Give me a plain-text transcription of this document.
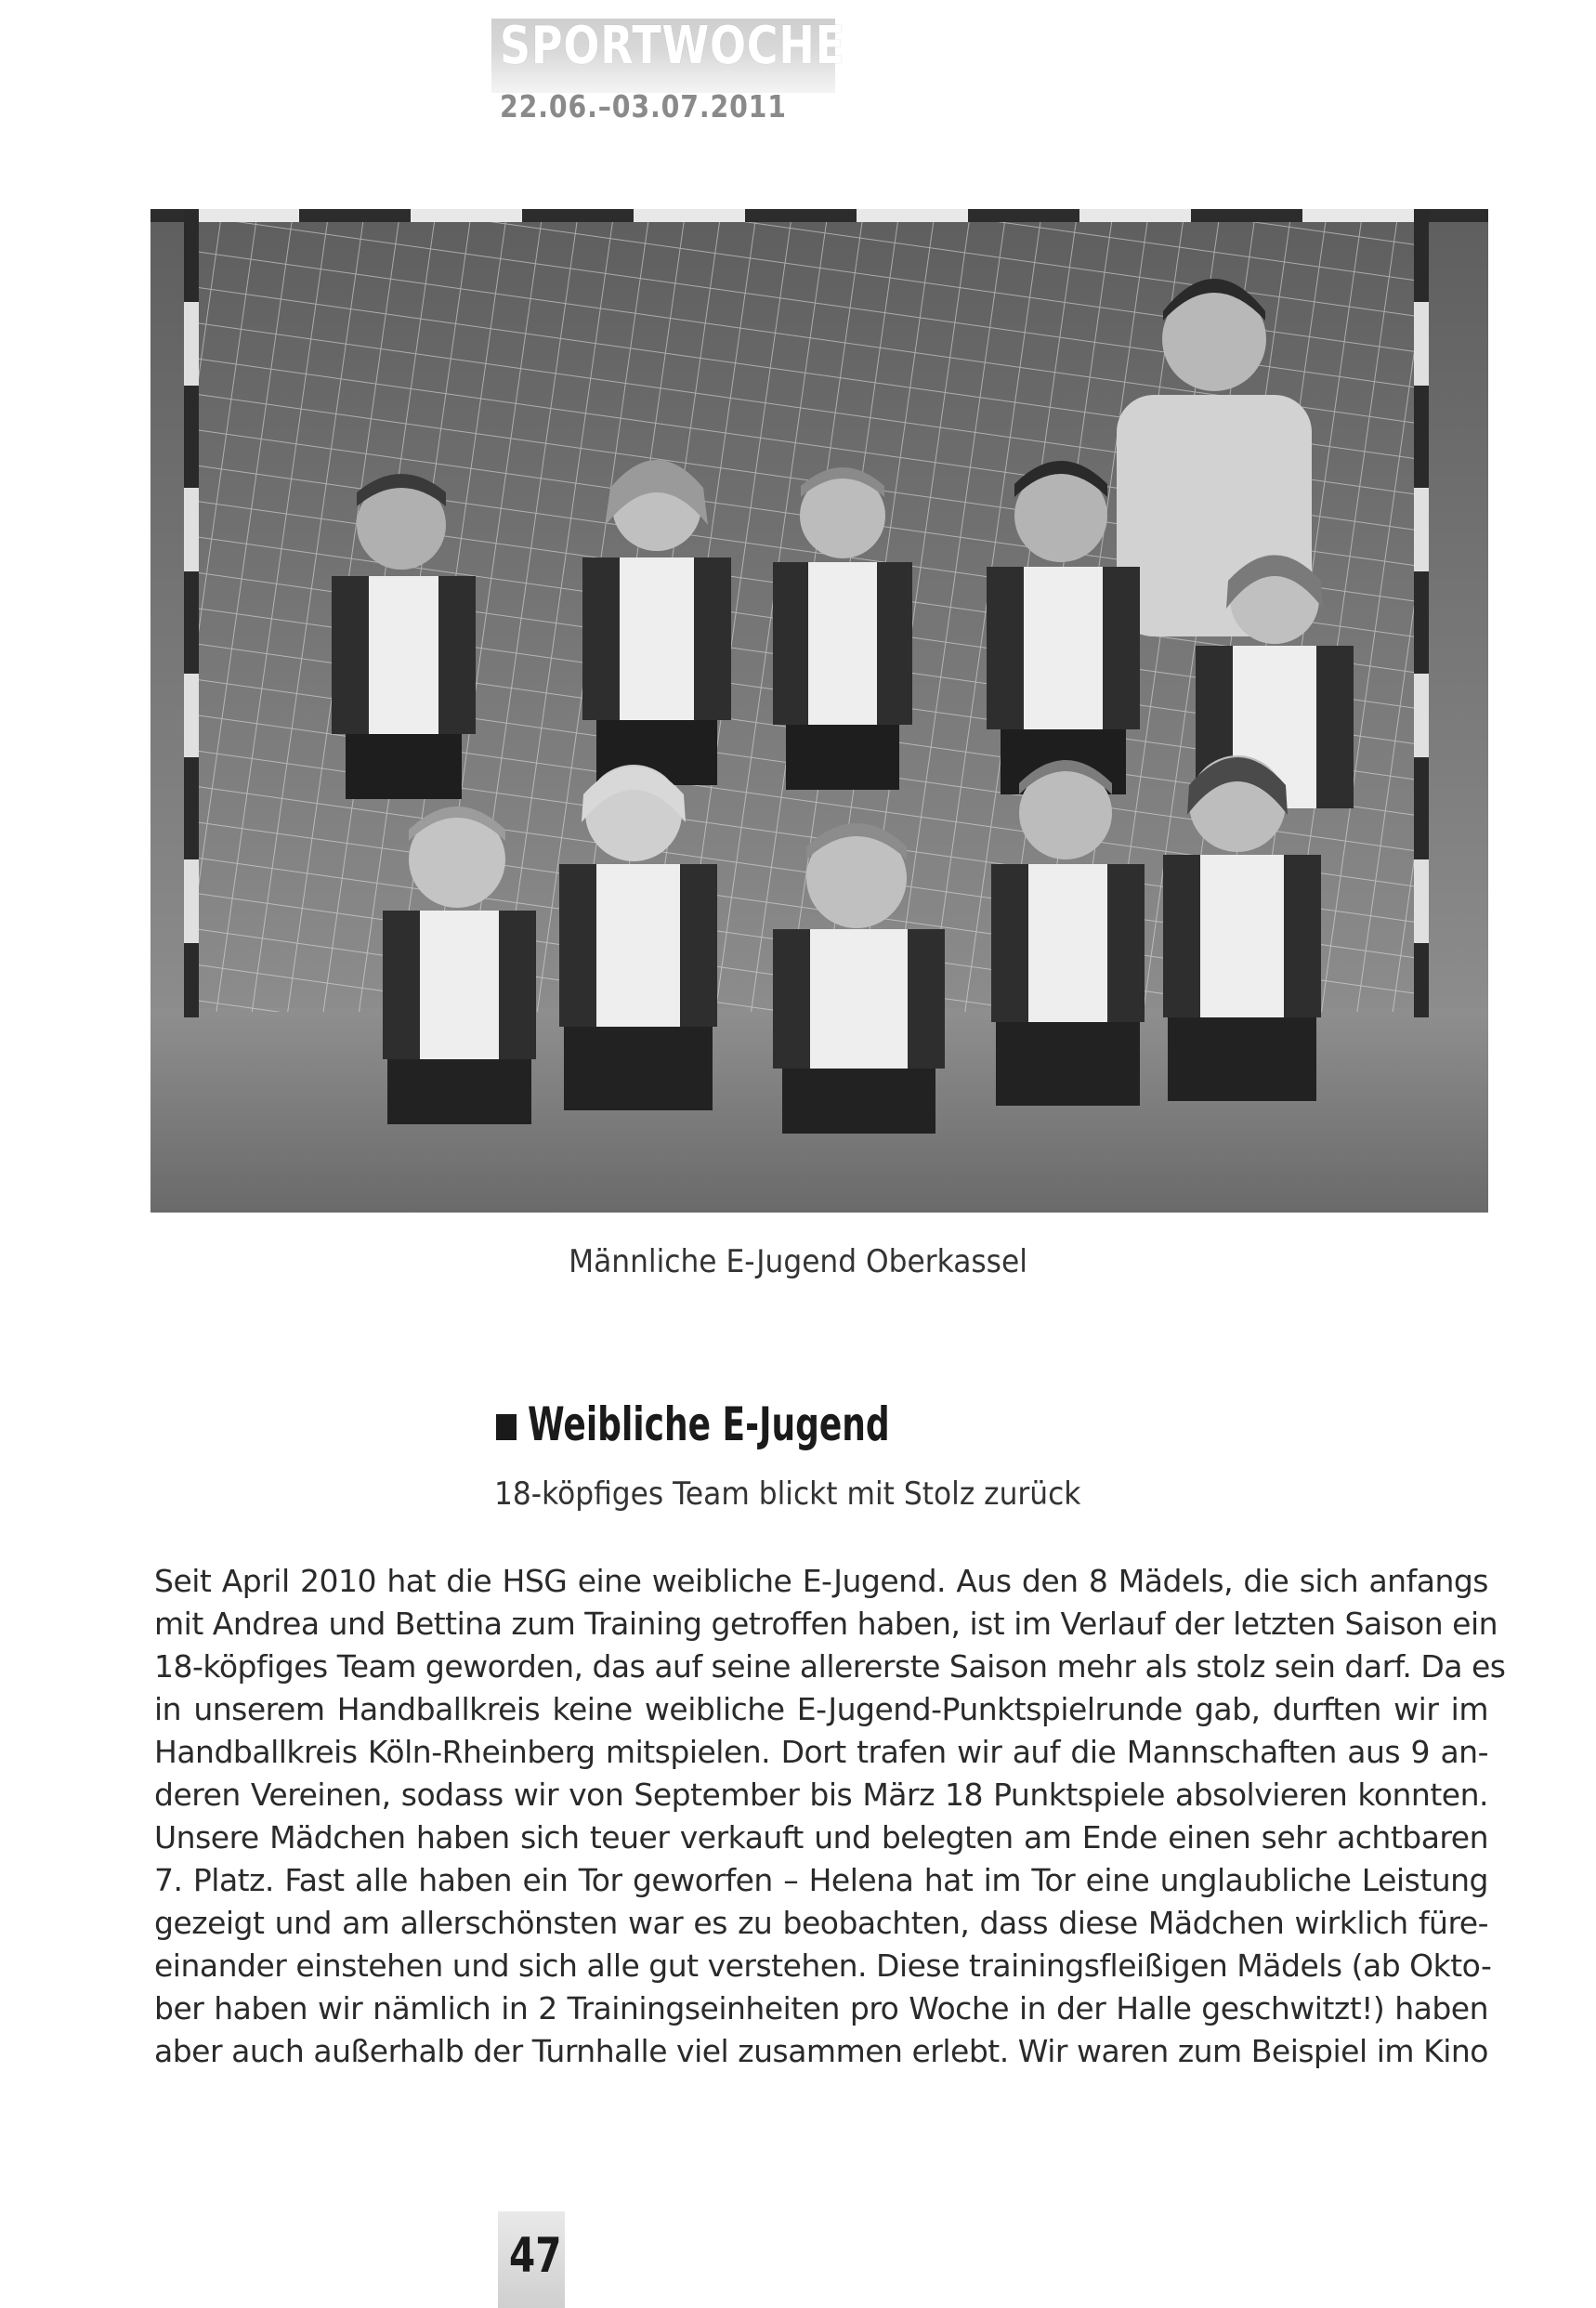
SPORTWOCHE
22.06.–03.07.2011
Männliche E-Jugend Oberkassel
Weibliche E-Jugend
18-köpfiges Team blickt mit Stolz zurück
Seit April 2010 hat die HSG eine weibliche E-Jugend. Aus den 8 Mädels, die sich anfangs
mit Andrea und Bettina zum Training getroffen haben, ist im Verlauf der letzten Saison ein
18-köpfiges Team geworden, das auf seine allererste Saison mehr als stolz sein darf. Da es
in unserem Handballkreis keine weibliche E-Jugend-Punktspielrunde gab, durften wir im
Handballkreis Köln-Rheinberg mitspielen. Dort trafen wir auf die Mannschaften aus 9 an-
deren Vereinen, sodass wir von September bis März 18 Punktspiele absolvieren konnten.
Unsere Mädchen haben sich teuer verkauft und belegten am Ende einen sehr achtbaren
7. Platz. Fast alle haben ein Tor geworfen – Helena hat im Tor eine unglaubliche Leistung
gezeigt und am allerschönsten war es zu beobachten, dass diese Mädchen wirklich füre-
einander einstehen und sich alle gut verstehen. Diese trainingsfleißigen Mädels (ab Okto-
ber haben wir nämlich in 2 Trainingseinheiten pro Woche in der Halle geschwitzt!) haben
aber auch außerhalb der Turnhalle viel zusammen erlebt. Wir waren zum Beispiel im Kino
47
